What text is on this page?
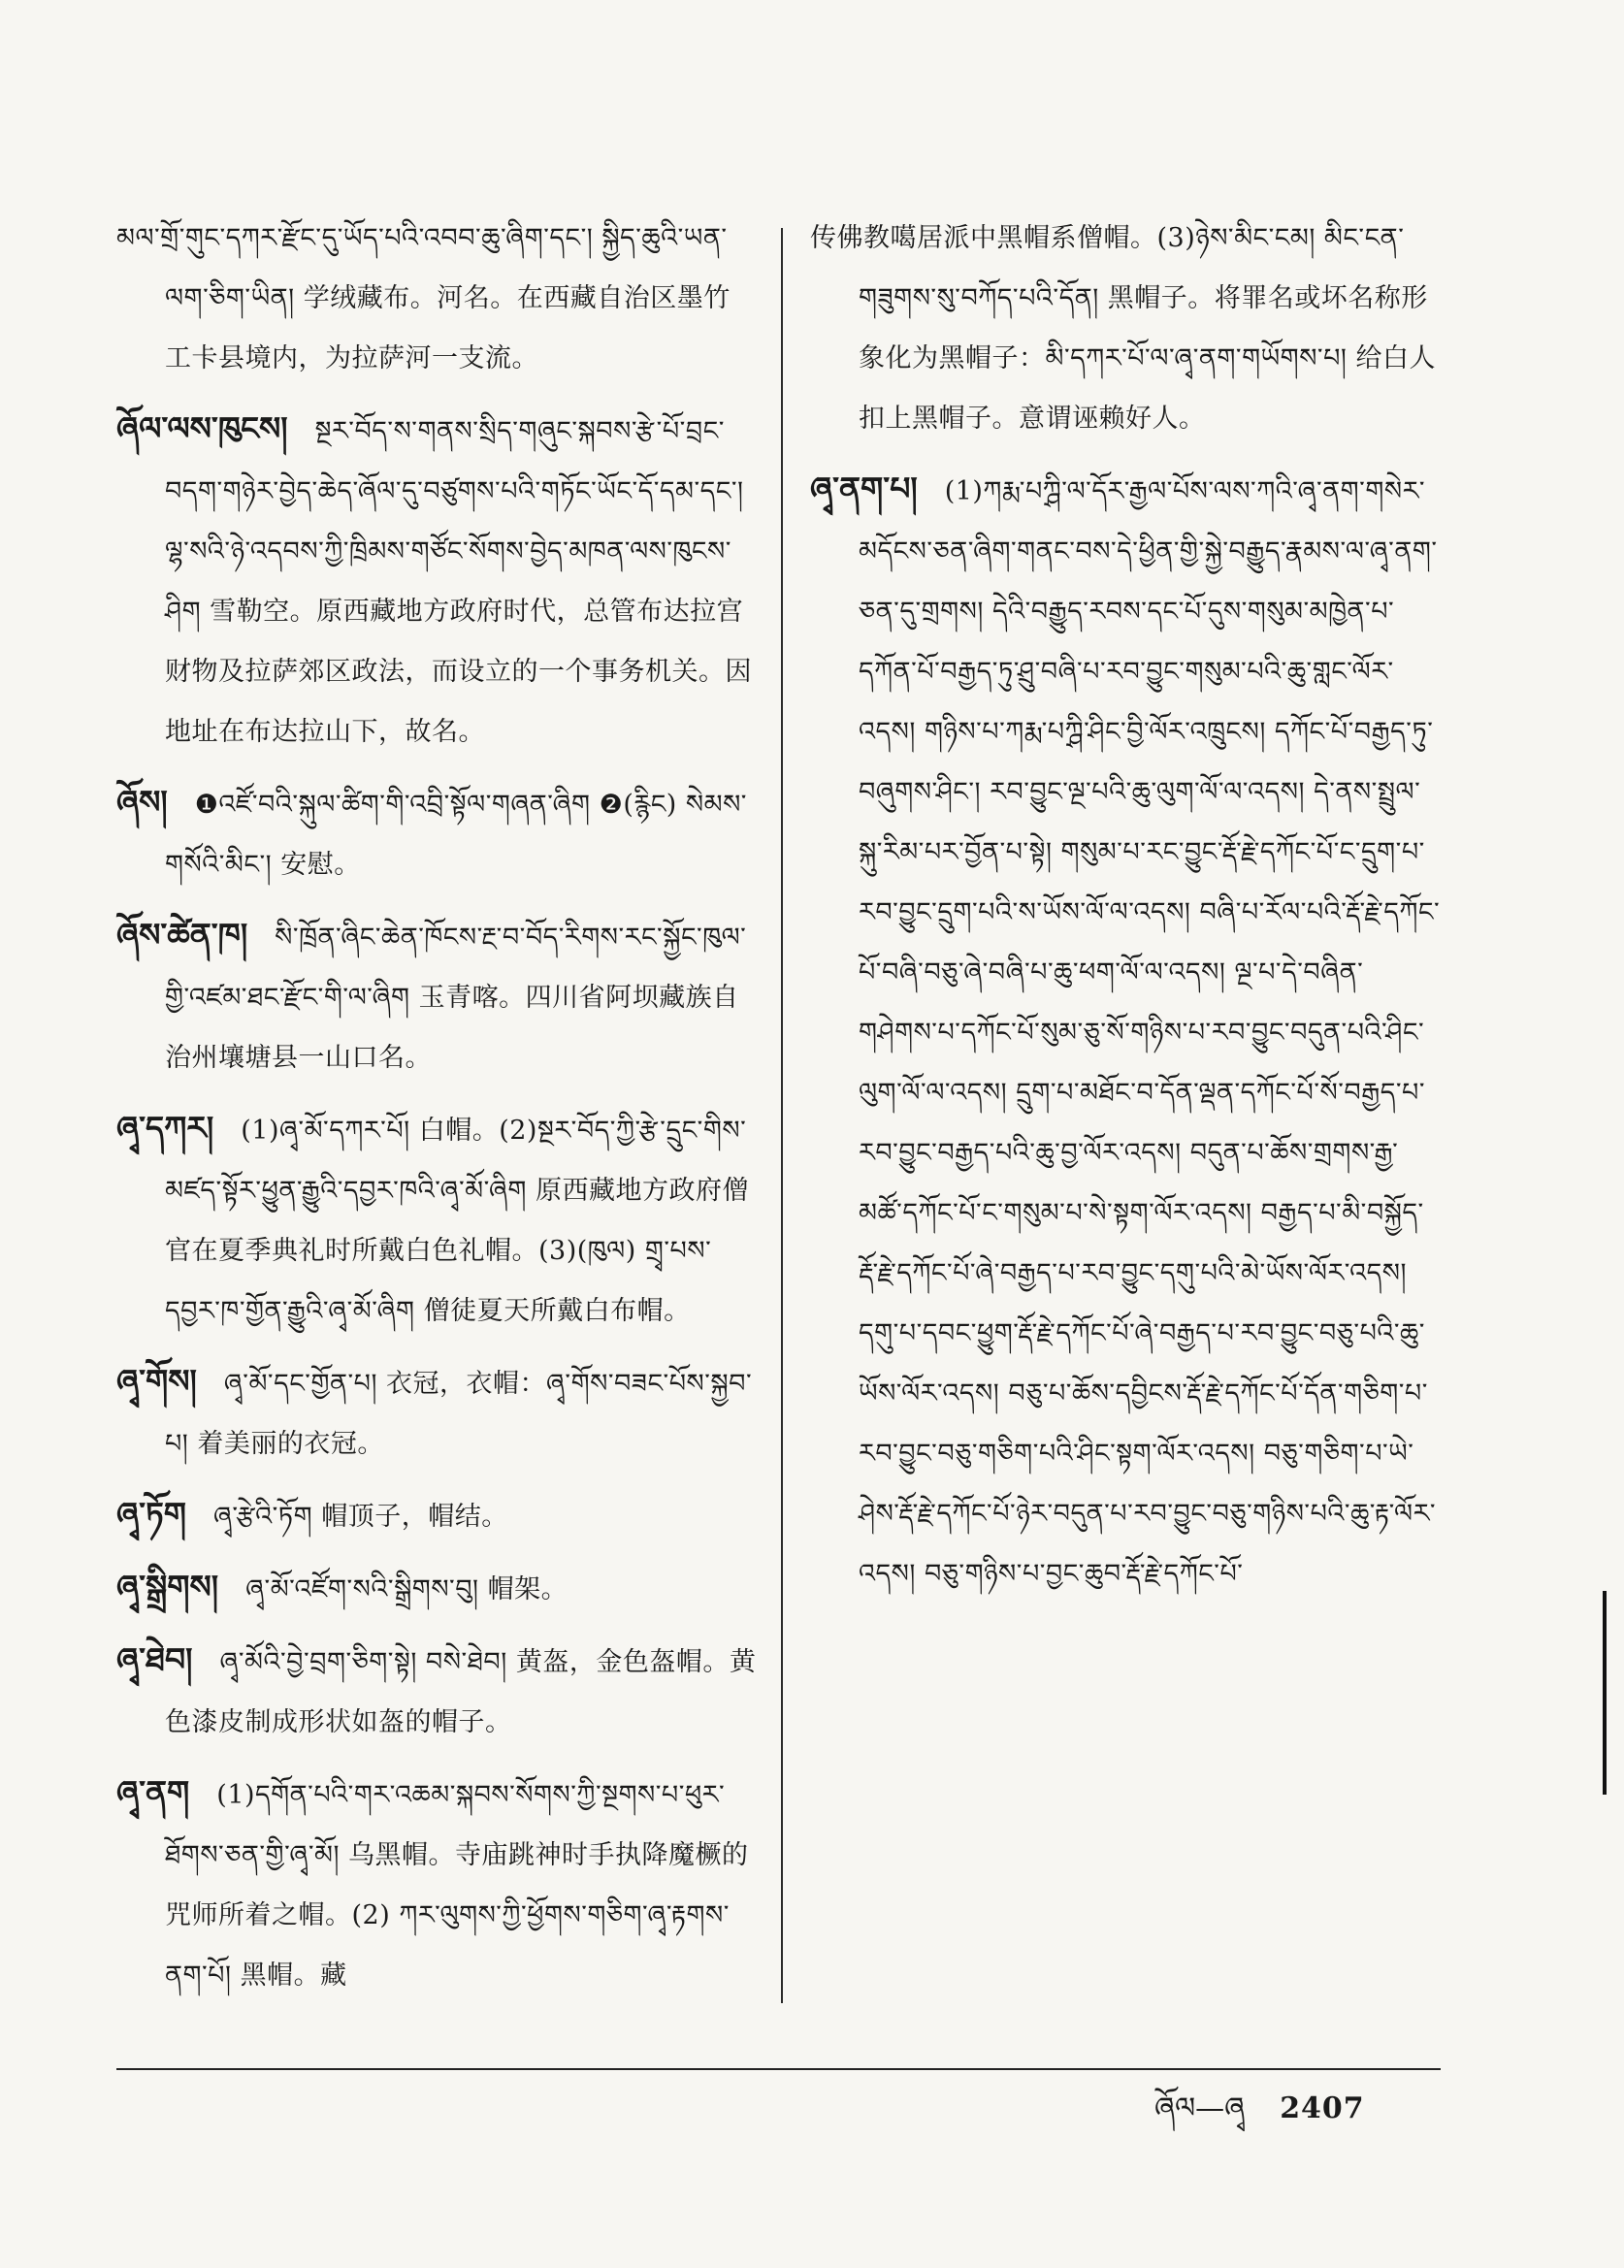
མལ་གྲོ་གུང་དཀར་རྫོང་དུ་ཡོད་པའི་འབབ་ཆུ་ཞིག་དང་། སྐྱིད་ཆུའི་ཡན་ལག་ཅིག་ཡིན། 学绒藏布。河名。在西藏自治区墨竹工卡县境内，为拉萨河一支流。
ཞོལ་ལས་ཁུངས། སྔར་བོད་ས་གནས་སྲིད་གཞུང་སྐབས་རྩེ་པོ་བྲང་བདག་གཉེར་བྱེད་ཆེད་ཞོལ་དུ་བཙུགས་པའི་གཏོང་ཡོང་དོ་དམ་དང་། ལྷ་སའི་ཉེ་འདབས་ཀྱི་ཁྲིམས་གཙོང་སོགས་བྱེད་མཁན་ལས་ཁུངས་ཤིག 雪勒空。原西藏地方政府时代，总管布达拉宫财物及拉萨郊区政法，而设立的一个事务机关。因地址在布达拉山下，故名。
ཞོས། ❶འཛོ་བའི་སྐུལ་ཚིག་གི་འབྲི་སྟོལ་གཞན་ཞིག ❷(རྙིང) སེམས་གསོའི་མིང་། 安慰。
ཞོས་ཚེན་ཁ། སི་ཁྲོན་ཞིང་ཆེན་ཁོངས་རྔ་བ་བོད་རིགས་རང་སྐྱོང་ཁུལ་གྱི་འཛམ་ཐང་རྫོང་གི་ལ་ཞིག 玉青喀。四川省阿坝藏族自治州壤塘县一山口名。
ཞྭ་དཀར། (1)ཞྭ་མོ་དཀར་པོ། 白帽。(2)སྔར་བོད་ཀྱི་རྩེ་དྲུང་གིས་མཛད་སྟོར་ཕྱུན་རྒྱུའི་དབྱར་ཁའི་ཞྭ་མོ་ཞིག 原西藏地方政府僧官在夏季典礼时所戴白色礼帽。(3)(ཁུལ) གྲྭ་པས་དབྱར་ཁ་གྱོན་རྒྱུའི་ཞྭ་མོ་ཞིག 僧徒夏天所戴白布帽。
ཞྭ་གོས། ཞྭ་མོ་དང་གྱོན་པ། 衣冠，衣帽：ཞྭ་གོས་བཟང་པོས་སྐྱབ་པ། 着美丽的衣冠。
ཞྭ་ཏོག ཞྭ་རྩེའི་ཏོག 帽顶子，帽结。
ཞྭ་སྒྲིགས། ཞྭ་མོ་འཛོག་སའི་སྒྲིགས་བུ། 帽架。
ཞྭ་ཐེབ། ཞྭ་མོའི་བྱེ་བྲག་ཅིག་སྟེ། བསེ་ཐེབ། 黄盔，金色盔帽。黄色漆皮制成形状如盔的帽子。
ཞྭ་ནག (1)དགོན་པའི་གར་འཆམ་སྐབས་སོགས་ཀྱི་སྔགས་པ་ཕུར་ཐོགས་ཅན་གྱི་ཞྭ་མོ། 乌黑帽。寺庙跳神时手执降魔橛的咒师所着之帽。(2) ཀར་ལུགས་ཀྱི་ཕྱོགས་གཅིག་ཞྭ་རྟགས་ནག་པོ། 黑帽。藏
传佛教噶居派中黑帽系僧帽。(3)ཉེས་མིང་ངམ། མིང་ངན་གཟུགས་སུ་བཀོད་པའི་དོན། 黑帽子。将罪名或坏名称形象化为黑帽子：མི་དཀར་པོ་ལ་ཞྭ་ནག་གཡོགས་པ། 给白人扣上黑帽子。意谓诬赖好人。
ཞྭ་ནག་པ། (1)ཀརྨ་པཀྴི་ལ་དོར་རྒྱལ་པོས་ལས་ཀའི་ཞྭ་ནག་གསེར་མདོངས་ཅན་ཞིག་གནང་བས་དེ་ཕྱིན་གྱི་སྐྱེ་བརྒྱུད་རྣམས་ལ་ཞྭ་ནག་ཅན་དུ་གྲགས། དེའི་བརྒྱུད་རབས་དང་པོ་དུས་གསུམ་མཁྱེན་པ་དཀོན་པོ་བརྒྱད་ཏུ་ཤྲུ་བཞི་པ་རབ་བྱུང་གསུམ་པའི་ཆུ་གླང་ལོར་འདས། གཉིས་པ་ཀརྨ་པཀྴི་ཤིང་བྱི་ལོར་འཁྲུངས། དཀོང་པོ་བརྒྱད་ཏུ་བཞུགས་ཤིང་། རབ་བྱུང་ལྔ་པའི་ཆུ་ལུག་ལོ་ལ་འདས། དེ་ནས་སྤྲུལ་སྐུ་རིམ་པར་བྱོན་པ་སྟེ། གསུམ་པ་རང་བྱུང་རྡོ་རྗེ་དཀོང་པོ་ང་དྲུག་པ་རབ་བྱུང་དྲུག་པའི་ས་ཡོས་ལོ་ལ་འདས། བཞི་པ་རོལ་པའི་རྡོ་རྗེ་དཀོང་པོ་བཞི་བཅུ་ཞེ་བཞི་པ་ཆུ་ཕག་ལོ་ལ་འདས། ལྔ་པ་དེ་བཞིན་གཤེགས་པ་དཀོང་པོ་སུམ་ཅུ་སོ་གཉིས་པ་རབ་བྱུང་བདུན་པའི་ཤིང་ལུག་ལོ་ལ་འདས། དྲུག་པ་མཐོང་བ་དོན་ལྡན་དཀོང་པོ་སོ་བརྒྱད་པ་རབ་བྱུང་བརྒྱད་པའི་ཆུ་བྱ་ལོར་འདས། བདུན་པ་ཆོས་གྲགས་རྒྱ་མཚོ་དཀོང་པོ་ང་གསུམ་པ་སེ་སྟག་ལོར་འདས། བརྒྱད་པ་མི་བསྐྱོད་རྡོ་རྗེ་དཀོང་པོ་ཞེ་བརྒྱད་པ་རབ་བྱུང་དགུ་པའི་མེ་ཡོས་ལོར་འདས། དགུ་པ་དབང་ཕྱུག་རྡོ་རྗེ་དཀོང་པོ་ཞེ་བརྒྱད་པ་རབ་བྱུང་བཅུ་པའི་ཆུ་ཡོས་ལོར་འདས། བཅུ་པ་ཆོས་དབྱིངས་རྡོ་རྗེ་དཀོང་པོ་དོན་གཅིག་པ་རབ་བྱུང་བཅུ་གཅིག་པའི་ཤིང་སྟག་ལོར་འདས། བཅུ་གཅིག་པ་ཡེ་ཤེས་རྡོ་རྗེ་དཀོང་པོ་ཉེར་བདུན་པ་རབ་བྱུང་བཅུ་གཉིས་པའི་ཆུ་རྟ་ལོར་འདས། བཅུ་གཉིས་པ་བྱང་ཆུབ་རྡོ་རྗེ་དཀོང་པོ་
ཞོལ—ཞྭ 2407
